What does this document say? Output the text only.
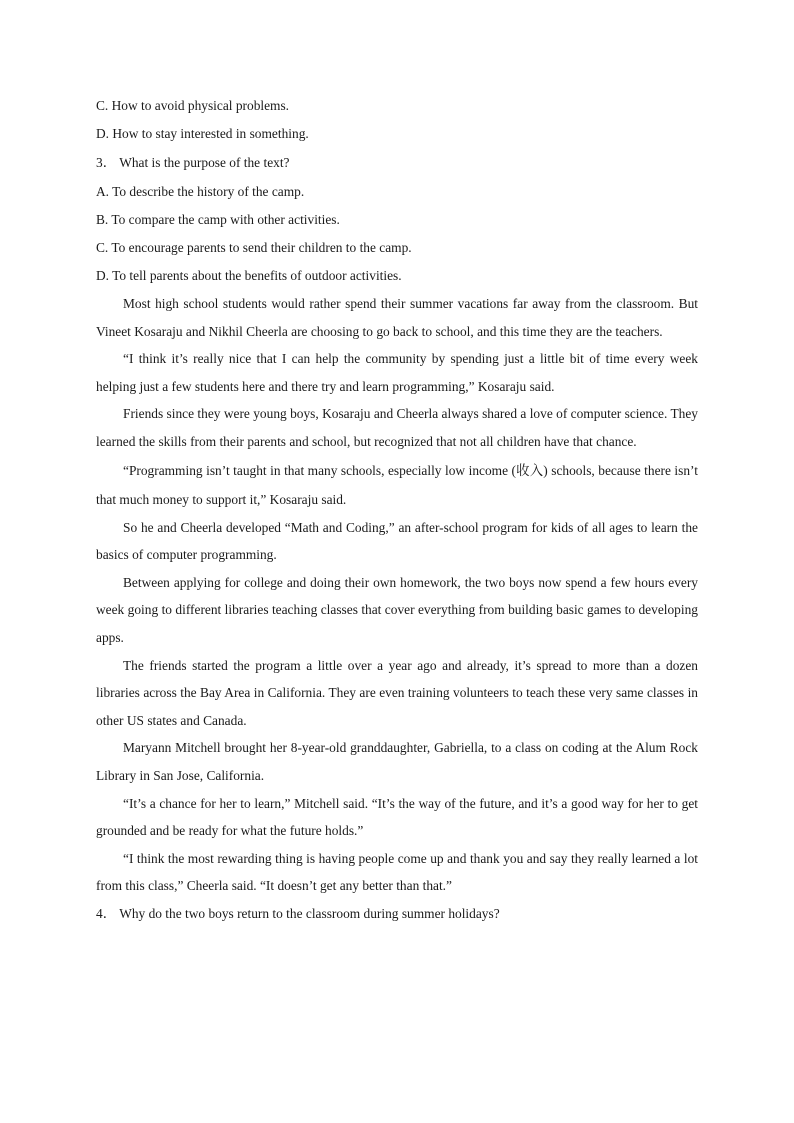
C. How to avoid physical problems.
D. How to stay interested in something.
3． What is the purpose of the text?
A. To describe the history of the camp.
B. To compare the camp with other activities.
C. To encourage parents to send their children to the camp.
D. To tell parents about the benefits of outdoor activities.

Most high school students would rather spend their summer vacations far away from the classroom. But Vineet Kosaraju and Nikhil Cheerla are choosing to go back to school, and this time they are the teachers.

“I think it’s really nice that I can help the community by spending just a little bit of time every week helping just a few students here and there try and learn programming,” Kosaraju said.

Friends since they were young boys, Kosaraju and Cheerla always shared a love of computer science. They learned the skills from their parents and school, but recognized that not all children have that chance.

“Programming isn’t taught in that many schools, especially low income (收入) schools, because there isn’t that much money to support it,” Kosaraju said.

So he and Cheerla developed “Math and Coding,” an after-school program for kids of all ages to learn the basics of computer programming.

Between applying for college and doing their own homework, the two boys now spend a few hours every week going to different libraries teaching classes that cover everything from building basic games to developing apps.

The friends started the program a little over a year ago and already, it’s spread to more than a dozen libraries across the Bay Area in California. They are even training volunteers to teach these very same classes in other US states and Canada.

Maryann Mitchell brought her 8-year-old granddaughter, Gabriella, to a class on coding at the Alum Rock Library in San Jose, California.

“It’s a chance for her to learn,” Mitchell said. “It’s the way of the future, and it’s a good way for her to get grounded and be ready for what the future holds.”

“I think the most rewarding thing is having people come up and thank you and say they really learned a lot from this class,” Cheerla said. “It doesn’t get any better than that.”

4． Why do the two boys return to the classroom during summer holidays?
